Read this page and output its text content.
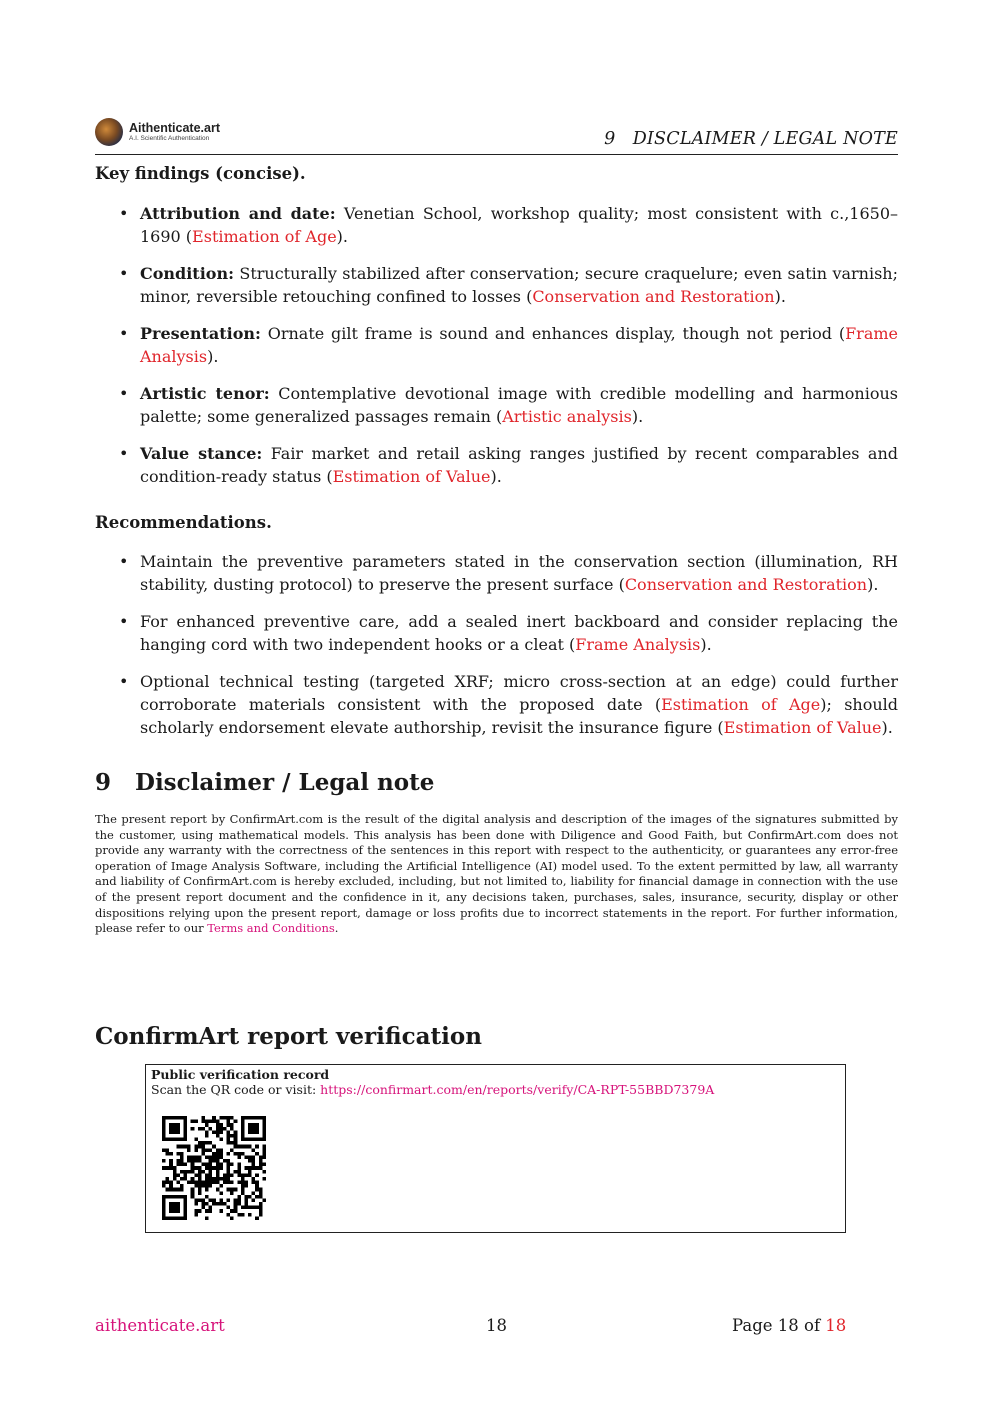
Aithenticate.art
A.I. Scientific Authentication	9   DISCLAIMER / LEGAL NOTE
Key findings (concise).
• Attribution and date: Venetian School, workshop quality; most consistent with c.,1650–1690 (Estimation of Age).
• Condition: Structurally stabilized after conservation; secure craquelure; even satin varnish; minor, reversible retouching confined to losses (Conservation and Restoration).
• Presentation: Ornate gilt frame is sound and enhances display, though not period (Frame Analysis).
• Artistic tenor: Contemplative devotional image with credible modelling and harmonious palette; some generalized passages remain (Artistic analysis).
• Value stance: Fair market and retail asking ranges justified by recent comparables and condition-ready status (Estimation of Value).
Recommendations.
• Maintain the preventive parameters stated in the conservation section (illumination, RH stability, dusting protocol) to preserve the present surface (Conservation and Restoration).
• For enhanced preventive care, add a sealed inert backboard and consider replacing the hanging cord with two independent hooks or a cleat (Frame Analysis).
• Optional technical testing (targeted XRF; micro cross-section at an edge) could further corroborate materials consistent with the proposed date (Estimation of Age); should scholarly endorsement elevate authorship, revisit the insurance figure (Estimation of Value).
9 Disclaimer / Legal note
The present report by ConfirmArt.com is the result of the digital analysis and description of the images of the signatures submitted by the customer, using mathematical models. This analysis has been done with Diligence and Good Faith, but ConfirmArt.com does not provide any warranty with the correctness of the sentences in this report with respect to the authenticity, or guarantees any error-free operation of Image Analysis Software, including the Artificial Intelligence (AI) model used. To the extent permitted by law, all warranty and liability of ConfirmArt.com is hereby excluded, including, but not limited to, liability for financial damage in connection with the use of the present report document and the confidence in it, any decisions taken, purchases, sales, insurance, security, display or other dispositions relying upon the present report, damage or loss profits due to incorrect statements in the report. For further information, please refer to our Terms and Conditions.
ConfirmArt report verification
Public verification record
Scan the QR code or visit: https://confirmart.com/en/reports/verify/CA-RPT-55BBD7379A
aithenticate.art	18	Page 18 of 18
